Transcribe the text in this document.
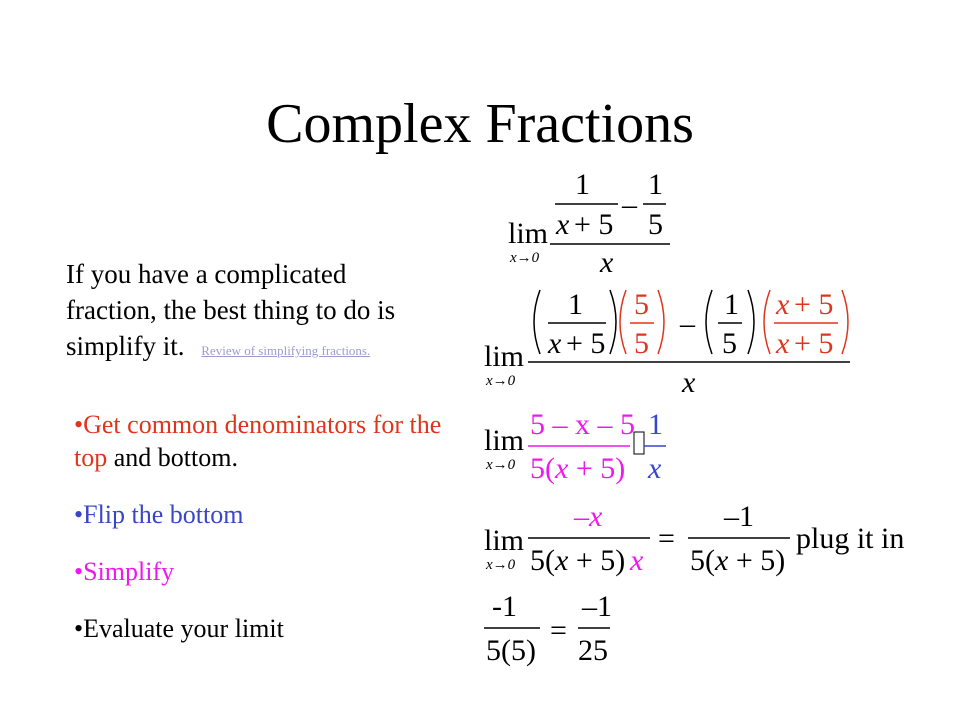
Complex Fractions
If you have a complicated fraction, the best thing to do is simplify it. Review of simplifying fractions.
•Get common denominators for the top and bottom.
•Flip the bottom
•Simplify
•Evaluate your limit
lim
x→0
1
x + 5
–
1
5
x
lim
x→0
1
x + 5
5
5
–
1
5
x + 5
x + 5
x
lim
x→0
5 – x – 5
5(x + 5)
1
x
lim
x→0
–x
5(x + 5) x
=
–1
5(x + 5)
plug it in
-1
5(5)
=
–1
25
